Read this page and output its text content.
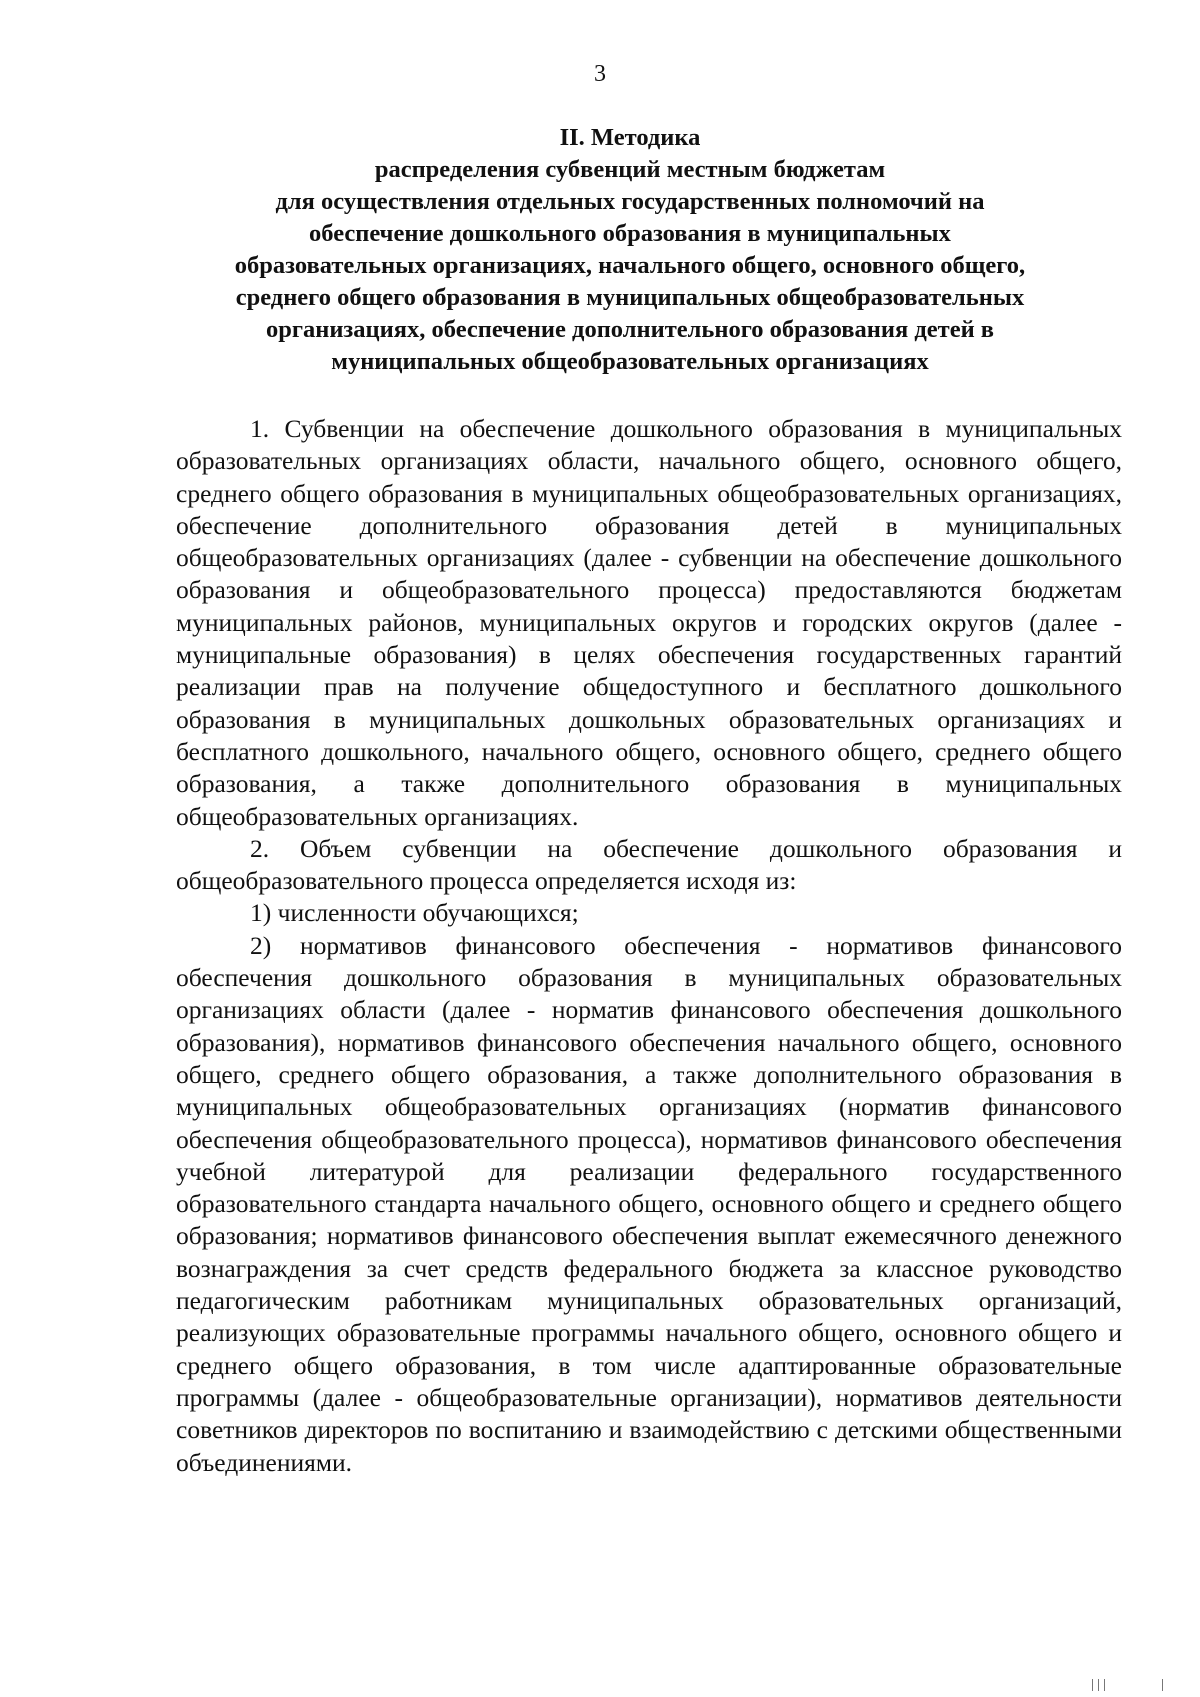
3
II. Методика
распределения субвенций местным бюджетам
для осуществления отдельных государственных полномочий на
обеспечение дошкольного образования в муниципальных
образовательных организациях, начального общего, основного общего,
среднего общего образования в муниципальных общеобразовательных
организациях, обеспечение дополнительного образования детей в
муниципальных общеобразовательных организациях

1. Субвенции на обеспечение дошкольного образования в муниципальных образовательных организациях области, начального общего, основного общего, среднего общего образования в муниципальных общеобразовательных организациях, обеспечение дополнительного образования детей в муниципальных общеобразовательных организациях (далее - субвенции на обеспечение дошкольного образования и общеобразовательного процесса) предоставляются бюджетам муниципальных районов, муниципальных округов и городских округов (далее - муниципальные образования) в целях обеспечения государственных гарантий реализации прав на получение общедоступного и бесплатного дошкольного образования в муниципальных дошкольных образовательных организациях и бесплатного дошкольного, начального общего, основного общего, среднего общего образования, а также дополнительного образования в муниципальных общеобразовательных организациях.

2. Объем субвенции на обеспечение дошкольного образования и общеобразовательного процесса определяется исходя из:

1) численности обучающихся;

2) нормативов финансового обеспечения - нормативов финансового обеспечения дошкольного образования в муниципальных образовательных организациях области (далее - норматив финансового обеспечения дошкольного образования), нормативов финансового обеспечения начального общего, основного общего, среднего общего образования, а также дополнительного образования в муниципальных общеобразовательных организациях (норматив финансового обеспечения общеобразовательного процесса), нормативов финансового обеспечения учебной литературой для реализации федерального государственного образовательного стандарта начального общего, основного общего и среднего общего образования; нормативов финансового обеспечения выплат ежемесячного денежного вознаграждения за счет средств федерального бюджета за классное руководство педагогическим работникам муниципальных образовательных организаций, реализующих образовательные программы начального общего, основного общего и среднего общего образования, в том числе адаптированные образовательные программы (далее - общеобразовательные организации), нормативов деятельности советников директоров по воспитанию и взаимодействию с детскими общественными объединениями.
